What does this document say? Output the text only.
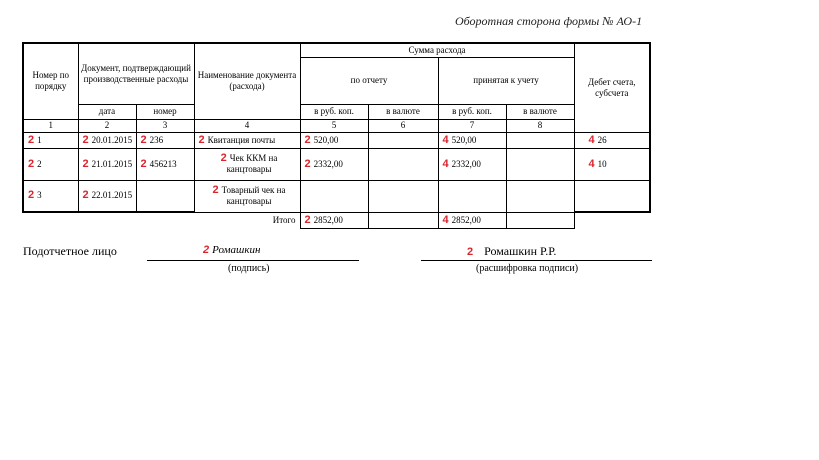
Оборотная сторона формы № АО-1
Номер по порядку	Документ, подтверждающий производственные расходы		Наименование документа (расхода)	Сумма расхода				Дебет счета, субсчета
				по отчету		принятая к учету		
	дата	номер		в руб. коп.	в валюте	в руб. коп.	в валюте	
1	2	3	4	5	6	7	8	
2 1	2 20.01.2015	2 236	2 Квитанция почты	2 520,00		4 520,00		4 26
2 2	2 21.01.2015	2 456213	2 Чек ККМ на канцтовары	2 2332,00		4 2332,00		4 10
2 3	2 22.01.2015		2 Товарный чек на канцтовары					
			Итого	2 2852,00		4 2852,00		
Подотчетное лицо	2 Ромашкин
(подпись)
2 Ромашкин Р.Р.
(расшифровка подписи)
